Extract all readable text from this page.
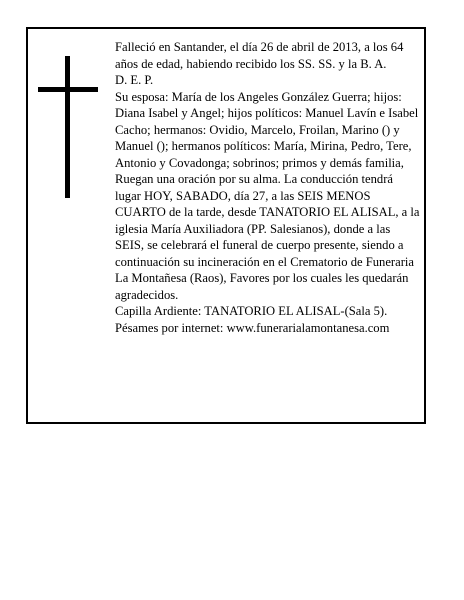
Falleció en Santander, el día 26 de abril de 2013, a los 64 años de edad, habiendo recibido los SS. SS. y la B. A.

D. E. P.

Su esposa: María de los Angeles González Guerra; hijos: Diana Isabel y Angel; hijos políticos: Manuel Lavín e Isabel Cacho; hermanos: Ovidio, Marcelo, Froilan, Marino () y Manuel (); hermanos políticos: María, Mirina, Pedro, Tere, Antonio y Covadonga; sobrinos; primos y demás familia,

Ruegan una oración por su alma. La conducción tendrá lugar HOY, SABADO, día 27, a las SEIS MENOS CUARTO de la tarde, desde TANATORIO EL ALISAL, a la iglesia María Auxiliadora (PP. Salesianos), donde a las SEIS, se celebrará el funeral de cuerpo presente, siendo a continuación su incineración en el Crematorio de Funeraria La Montañesa (Raos), Favores por los cuales les quedarán agradecidos.

Capilla Ardiente: TANATORIO EL ALISAL-(Sala 5).

Pésames por internet: www.funerarialamontanesa.com
